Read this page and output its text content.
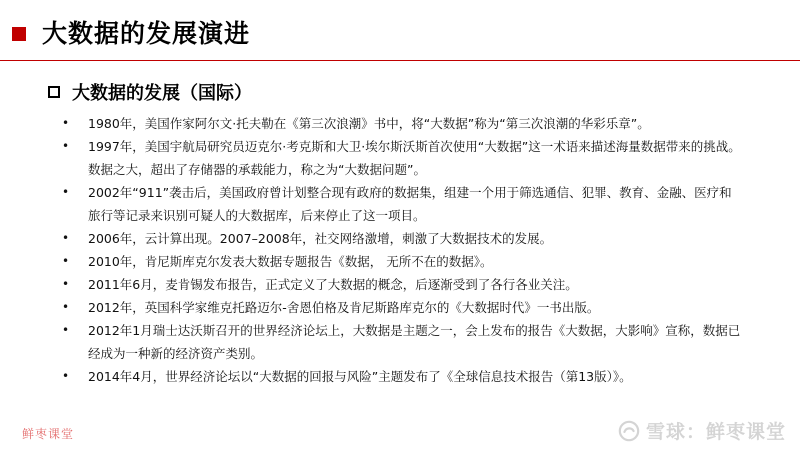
大数据的发展演进
大数据的发展（国际）
• 1980年，美国作家阿尔文·托夫勒在《第三次浪潮》书中，将“大数据”称为“第三次浪潮的华彩乐章”。
• 1997年，美国宇航局研究员迈克尔·考克斯和大卫·埃尔斯沃斯首次使用“大数据”这一术语来描述海量数据带来的挑战。数据之大，超出了存储器的承载能力，称之为“大数据问题”。
• 2002年“911”袭击后，美国政府曾计划整合现有政府的数据集，组建一个用于筛选通信、犯罪、教育、金融、医疗和旅行等记录来识别可疑人的大数据库，后来停止了这一项目。
• 2006年，云计算出现。2007–2008年，社交网络激增，刺激了大数据技术的发展。
• 2010年，肯尼斯库克尔发表大数据专题报告《数据， 无所不在的数据》。
• 2011年6月，麦肯锡发布报告，正式定义了大数据的概念，后逐渐受到了各行各业关注。
• 2012年，英国科学家维克托路迈尔-舍恩伯格及肯尼斯路库克尔的《大数据时代》一书出版。
• 2012年1月瑞士达沃斯召开的世界经济论坛上，大数据是主题之一，会上发布的报告《大数据，大影响》宣称，数据已经成为一种新的经济资产类别。
• 2014年4月，世界经济论坛以“大数据的回报与风险”主题发布了《全球信息技术报告（第13版）》。
鲜枣课堂	雪球：鲜枣课堂
